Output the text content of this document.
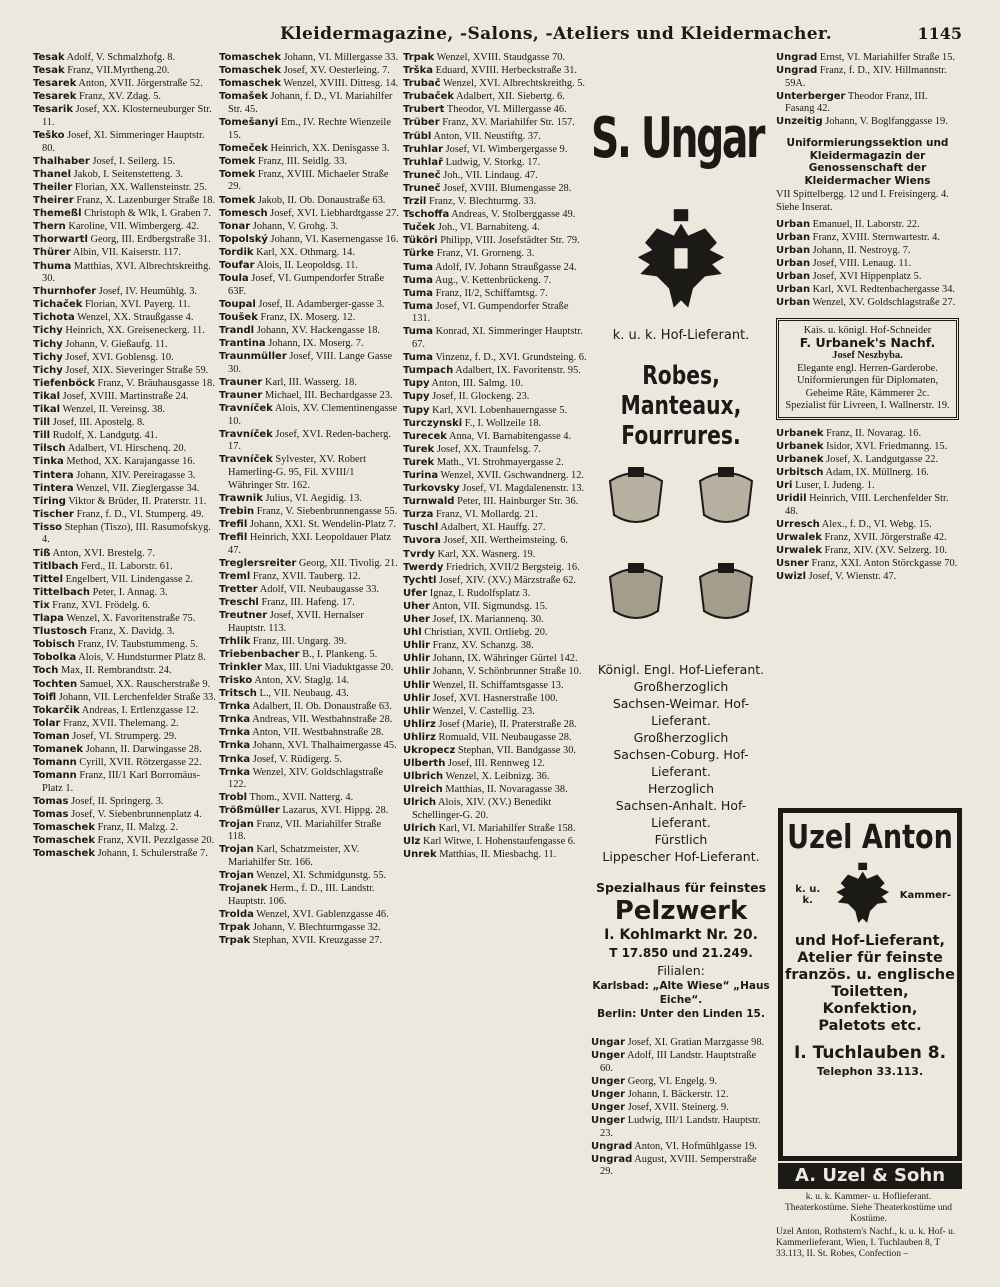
Kleidermagazine, -Salons, -Ateliers und Kleidermacher.	1145
Tesak Adolf, V. Schmalzhofg. 8.
Tesak Franz, VII.Myrtheng.20.
Tesarek Anton, XVII. Jörgerstraße 52.
Tesarek Franz, XV. Zdag. 5.
Tesarik Josef, XX. Klosterneuburger Str. 11.
Teško Josef, XI. Simmeringer Hauptstr. 80.
Thalhaber Josef, I. Seilerg. 15.
Thanel Jakob, I. Seitenstetteng. 3.
Theiler Florian, XX. Wallensteinstr. 25.
Theirer Franz, X. Lazenburger Straße 18.
Themeßl Christoph & Wlk, I. Graben 7.
Thern Karoline, VII. Wimbergerg. 42.
Thorwartl Georg, III. Erdbergstraße 31.
Thürer Albin, VII. Kaiserstr. 117.
Thuma Matthias, XVI. Albrechtskreithg. 30.
Thurnhofer Josef, IV. Heumühlg. 3.
Tichaček Florian, XVI. Payerg. 11.
Tichota Wenzel, XX. Straußgasse 4.
Tichy Heinrich, XX. Greiseneckerg. 11.
Tichy Johann, V. Gießaufg. 11.
Tichy Josef, XVI. Goblensg. 10.
Tichy Josef, XIX. Sieveringer Straße 59.
Tiefenböck Franz, V. Bräuhausgasse 18.
Tikal Josef, XVIII. Martinstraße 24.
Tikal Wenzel, II. Vereinsg. 38.
Till Josef, III. Apostelg. 8.
Till Rudolf, X. Landgutg. 41.
Tilsch Adalbert, VI. Hirschenq. 20.
Tinka Method, XX. Karajangasse 16.
Tintera Johann, XIV. Pereiragasse 3.
Tintera Wenzel, VII. Zieglergasse 34.
Tiring Viktor & Brüder, II. Praterstr. 11.
Tischer Franz, f. D., VI. Stumperg. 49.
Tisso Stephan (Tiszo), III. Rasumofskyg. 4.
Tiß Anton, XVI. Brestelg. 7.
Titlbach Ferd., II. Laborstr. 61.
Tittel Engelbert, VII. Lindengasse 2.
Tittelbach Peter, I. Annag. 3.
Tix Franz, XVI. Frödelg. 6.
Tlapa Wenzel, X. Favoritenstraße 75.
Tlustosch Franz, X. Davidg. 3.
Tobisch Franz, IV. Taubstummeng. 5.
Tobolka Alois, V. Hundsturmer Platz 8.
Toch Max, II. Rembrandtstr. 24.
Tochten Samuel, XX. Rauscherstraße 9.
Toifl Johann, VII. Lerchenfelder Straße 33.
Tokarčik Andreas, I. Ertlenzgasse 12.
Tolar Franz, XVII. Thelemang. 2.
Toman Josef, VI. Strumperg. 29.
Tomanek Johann, II. Darwingasse 28.
Tomann Cyrill, XVII. Rötzergasse 22.
Tomann Franz, III/1 Karl Borromäus-Platz 1.
Tomas Josef, II. Springerg. 3.
Tomas Josef, V. Siebenbrunnenplatz 4.
Tomaschek Franz, II. Malzg. 2.
Tomaschek Franz, XVII. Pezzlgasse 20.
Tomaschek Johann, I. Schulerstraße 7.
Tomaschek Johann, VI. Millergasse 33.
Tomaschek Josef, XV. Oesterleing. 7.
Tomaschek Wenzel, XVIII. Dittesg. 14.
Tomašek Johann, f. D., VI. Mariahilfer Str. 45.
Tomešanyi Em., IV. Rechte Wienzeile 15.
Tomeček Heinrich, XX. Denisgasse 3.
Tomek Franz, III. Seidlg. 33.
Tomek Franz, XVIII. Michaeler Straße 29.
Tomek Jakob, II. Ob. Donaustraße 63.
Tomesch Josef, XVI. Liebhardtgasse 27.
Tonar Johann, V. Grohg. 3.
Topolský Johann, VI. Kasernengasse 16.
Tordik Karl, XX. Othmarg. 14.
Toufar Alois, II. Leopoldsg. 11.
Toula Josef, VI. Gumpendorfer Straße 63F.
Toupal Josef, II. Adamberger-gasse 3.
Toušek Franz, IX. Moserg. 12.
Trandl Johann, XV. Hackengasse 18.
Trantina Johann, IX. Moserg. 7.
Traunmüller Josef, VIII. Lange Gasse 30.
Trauner Karl, III. Wasserg. 18.
Trauner Michael, III. Bechardgasse 23.
Travníček Alois, XV. Clementinengasse 10.
Travníček Josef, XVI. Reden-bacherg. 17.
Travníček Sylvester, XV. Robert Hamerling-G. 95, Fil. XVIII/1 Währinger Str. 162.
Trawnik Julius, VI. Aegidig. 13.
Trebin Franz, V. Siebenbrunnengasse 55.
Trefil Johann, XXI. St. Wendelin-Platz 7.
Trefil Heinrich, XXI. Leopoldauer Platz 47.
Treglersreiter Georg, XII. Tivolig. 21.
Treml Franz, XVII. Tauberg. 12.
Tretter Adolf, VII. Neubaugasse 33.
Treschl Franz, III. Hafeng. 17.
Treutner Josef, XVII. Hernalser Hauptstr. 113.
Trhlik Franz, III. Ungarg. 39.
Triebenbacher B., I. Plankeng. 5.
Trinkler Max, III. Uni Viaduktgasse 20.
Trisko Anton, XV. Staglg. 14.
Tritsch L., VII. Neubaug. 43.
Trnka Adalbert, II. Ob. Donaustraße 63.
Trnka Andreas, VII. Westbahnstraße 28.
Trnka Anton, VII. Westbahnstraße 28.
Trnka Johann, XVI. Thalhaimergasse 45.
Trnka Josef, V. Rüdigerg. 5.
Trnka Wenzel, XIV. Goldschlagstraße 122.
Trobl Thom., XVII. Natterg. 4.
Trößmüller Lazarus, XVI. Hippg. 28.
Trojan Franz, VII. Mariahilfer Straße 118.
Trojan Karl, Schatzmeister, XV. Mariahilfer Str. 166.
Trojan Wenzel, XI. Schmidgunstg. 55.
Trojanek Herm., f. D., III. Landstr. Hauptstr. 106.
Trolda Wenzel, XVI. Gablenzgasse 46.
Trpak Johann, V. Blechturmgasse 32.
Trpak Stephan, XVII. Kreuzgasse 27.
Trpak Wenzel, XVIII. Staudgasse 70.
Trška Eduard, XVIII. Herbeckstraße 31.
Trubač Wenzel, XVI. Albrechtskreithg. 5.
Trubaček Adalbert, XII. Siebertg. 6.
Trubert Theodor, VI. Millergasse 46.
Trüber Franz, XV. Mariahilfer Str. 157.
Trübl Anton, VII. Neustiftg. 37.
Truhlar Josef, VI. Wimbergergasse 9.
Truhlař Ludwig, V. Storkg. 17.
Truneč Joh., VII. Lindaug. 47.
Truneč Josef, XVIII. Blumengasse 28.
Trzil Franz, V. Blechturmg. 33.
Tschoffa Andreas, V. Stolberggasse 49.
Tuček Joh., VI. Barnabiteng. 4.
Tüköri Philipp, VIII. Josefstädter Str. 79.
Türke Franz, VI. Grorneng. 3.
Tuma Adolf, IV. Johann Straußgasse 24.
Tuma Aug., V. Kettenbrückeng. 7.
Tuma Franz, II/2, Schiffamtsg. 7.
Tuma Josef, VI. Gumpendorfer Straße 131.
Tuma Konrad, XI. Simmeringer Hauptstr. 67.
Tuma Vinzenz, f. D., XVI. Grundsteing. 6.
Tumpach Adalbert, IX. Favoritenstr. 95.
Tupy Anton, III. Salmg. 10.
Tupy Josef, II. Glockeng. 23.
Tupy Karl, XVI. Lobenhauerngasse 5.
Turczynski F., I. Wollzeile 18.
Turecek Anna, VI. Barnabitengasse 4.
Turek Josef, XX. Traunfelsg. 7.
Turek Math., VI. Strohmayergasse 2.
Turina Wenzel, XVII. Gschwandnerg. 12.
Turkovsky Josef, VI. Magdalenenstr. 13.
Turnwald Peter, III. Hainburger Str. 36.
Turza Franz, VI. Mollardg. 21.
Tuschl Adalbert, XI. Hauffg. 27.
Tuvora Josef, XII. Wertheimsteing. 6.
Tvrdy Karl, XX. Wasnerg. 19.
Twerdy Friedrich, XVII/2 Bergsteig. 16.
Tychtl Josef, XIV. (XV.) Märzstraße 62.
Ufer Ignaz, I. Rudolfsplatz 3.
Uher Anton, VII. Sigmundsg. 15.
Uher Josef, IX. Mariannenq. 30.
Uhl Christian, XVII. Ortliebg. 20.
Uhlir Franz, XV. Schanzg. 38.
Uhlir Johann, IX. Währinger Gürtel 142.
Uhlir Johann, V. Schönbrunner Straße 10.
Uhlir Wenzel, II. Schiffamtsgasse 13.
Uhlir Josef, XVI. Hasnerstraße 100.
Uhlir Wenzel, V. Castellig. 23.
Uhlirz Josef (Marie), II. Praterstraße 28.
Uhlirz Romuald, VII. Neubaugasse 28.
Ukropecz Stephan, VII. Bandgasse 30.
Ulberth Josef, III. Rennweg 12.
Ulbrich Wenzel, X. Leibnizg. 36.
Ulreich Matthias, II. Novaragasse 38.
Ulrich Alois, XIV. (XV.) Benedikt Schellinger-G. 20.
Ulrich Karl, VI. Mariahilfer Straße 158.
Ulz Karl Witwe, I. Hohenstaufengasse 6.
Unrek Matthias, II. Miesbachg. 11.
S. Ungar
k. u. k. Hof-Lieferant.
Robes, Manteaux,
Fourrures.
Königl. Engl. Hof-Lieferant.
Großherzoglich
Sachsen-Weimar. Hof-
Lieferant.
Großherzoglich
Sachsen-Coburg. Hof-
Lieferant.
Herzoglich
Sachsen-Anhalt. Hof-
Lieferant.
Fürstlich
Lippescher Hof-Lieferant.
Spezialhaus für feinstes
Pelzwerk
I. Kohlmarkt Nr. 20.
T 17.850 und 21.249.
Filialen:
Karlsbad: „Alte Wiese“ „Haus Eiche“.
Berlin: Unter den Linden 15.
Ungar Josef, XI. Gratian Marzgasse 98.
Unger Adolf, III Landstr. Hauptstraße 60.
Unger Georg, VI. Engelg. 9.
Unger Johann, I. Bäckerstr. 12.
Unger Josef, XVII. Steinerg. 9.
Unger Ludwig, III/1 Landstr. Hauptstr. 23.
Ungrad Anton, VI. Hofmühlgasse 19.
Ungrad August, XVIII. Semperstraße 29.
Ungrad Ernst, VI. Mariahilfer Straße 15.
Ungrad Franz, f. D., XIV. Hillmannstr. 59A.
Unterberger Theodor Franz, III. Fasang 42.
Unzeitig Johann, V. Boglfanggasse 19.
Uniformierungssektion und Kleidermagazin der Genossenschaft der Kleidermacher Wiens
VII Spittelbergg. 12 und I. Freisingerg. 4. Siehe Inserat.
Urban Emanuel, II. Laborstr. 22.
Urban Franz, XVIII. Sternwartestr. 4.
Urban Johann, II. Nestroyg. 7.
Urban Josef, VIII. Lenaug. 11.
Urban Josef, XVI Hippenplatz 5.
Urban Karl, XVI. Redtenbachergasse 34.
Urban Wenzel, XV. Goldschlagstraße 27.
Kais. u. königl. Hof-Schneider
F. Urbanek's Nachf.
Josef Neszbyba.
Elegante engl. Herren-Garderobe. Uniformierungen für Diplomaten, Geheime Räte, Kämmerer 2c. Spezialist für Livreen, I. Wallnerstr. 19.
Urbanek Franz, II. Novarag. 16.
Urbanek Isidor, XVI. Friedmanng. 15.
Urbanek Josef, X. Landgutgasse 22.
Urbitsch Adam, IX. Müllnerg. 16.
Uri Luser, I. Judeng. 1.
Uridil Heinrich, VIII. Lerchenfelder Str. 48.
Urresch Alex., f. D., VI. Webg. 15.
Urwalek Franz, XVII. Jörgerstraße 42.
Urwalek Franz, XIV. (XV. Selzerg. 10.
Usner Franz, XXI. Anton Störckgasse 70.
Uwizl Josef, V. Wienstr. 47.
Uzel Anton
k. u. k.	Kammer-
und Hof-Lieferant,
Atelier für feinste
französ. u. englische
Toiletten, Konfektion,
Paletots etc.
I. Tuchlauben 8.
Telephon 33.113.
A. Uzel & Sohn
k. u. k. Kammer- u. Hoflieferant. Theaterkostüme. Siehe Theaterkostüme und Kostüme.
Uzel Anton, Rothstern's Nachf., k. u. k. Hof- u. Kammerlieferant, Wien, I. Tuchlauben 8, T 33.113, II. St. Robes, Confection –
